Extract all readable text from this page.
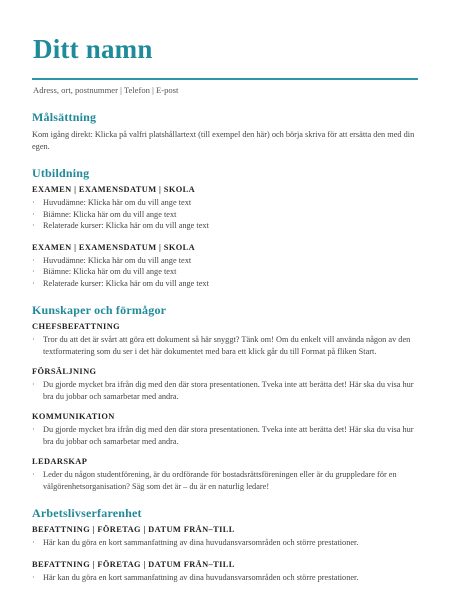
Ditt namn
Adress, ort, postnummer | Telefon | E-post
Målsättning

Kom igång direkt: Klicka på valfri platshållartext (till exempel den här) och börja skriva för att ersätta den med din egen.

Utbildning
EXAMEN | EXAMENSDATUM | SKOLA
· Huvudämne: Klicka här om du vill ange text
· Biämne: Klicka här om du vill ange text
· Relaterade kurser: Klicka här om du vill ange text
EXAMEN | EXAMENSDATUM | SKOLA
· Huvudämne: Klicka här om du vill ange text
· Biämne: Klicka här om du vill ange text
· Relaterade kurser: Klicka här om du vill ange text
Kunskaper och förmågor
CHEFSBEFATTNING
· Tror du att det är svårt att göra ett dokument så här snyggt? Tänk om! Om du enkelt vill använda någon av den textformatering som du ser i det här dokumentet med bara ett klick går du till Format på fliken Start.
FÖRSÄLJNING
· Du gjorde mycket bra ifrån dig med den där stora presentationen. Tveka inte att berätta det! Här ska du visa hur bra du jobbar och samarbetar med andra.
KOMMUNIKATION
· Du gjorde mycket bra ifrån dig med den där stora presentationen. Tveka inte att berätta det! Här ska du visa hur bra du jobbar och samarbetar med andra.
LEDARSKAP
· Leder du någon studentförening, är du ordförande för bostadsrättsföreningen eller är du gruppledare för en välgörenhetsorganisation? Säg som det är – du är en naturlig ledare!
Arbetslivserfarenhet
BEFATTNING | FÖRETAG | DATUM FRÅN–TILL
· Här kan du göra en kort sammanfattning av dina huvudansvarsområden och större prestationer.
BEFATTNING | FÖRETAG | DATUM FRÅN–TILL
· Här kan du göra en kort sammanfattning av dina huvudansvarsområden och större prestationer.
